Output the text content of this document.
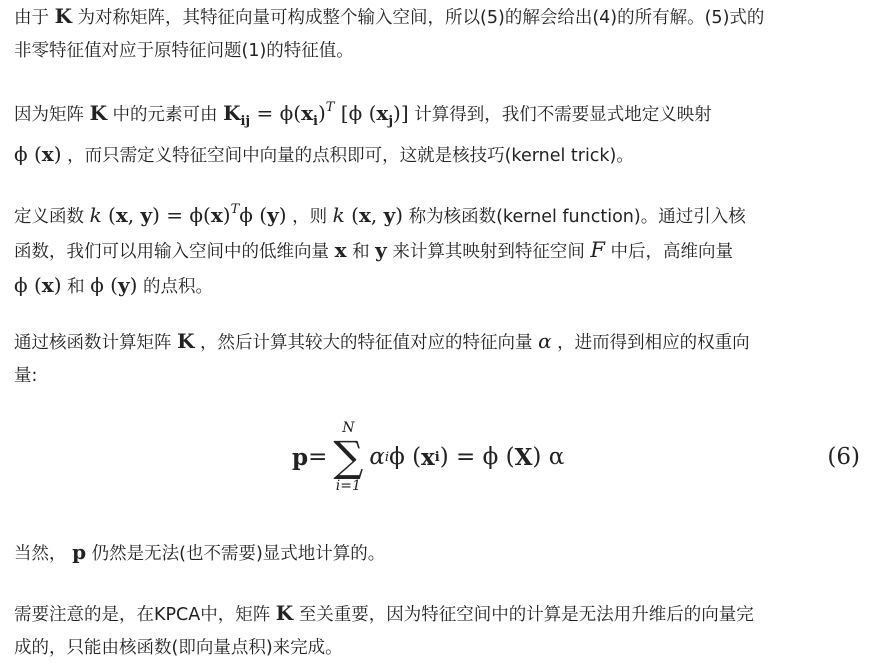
由于 K 为对称矩阵，其特征向量可构成整个输入空间，所以(5)的解会给出(4)的所有解。(5)式的
非零特征值对应于原特征问题(1)的特征值。

因为矩阵 K 中的元素可由 $K_{ij} = \phi(x_i)^T$ [ϕ $(x_j)$] 计算得到，我们不需要显式地定义映射
ϕ (x) ，而只需定义特征空间中向量的点积即可，这就是核技巧(kernel trick)。

定义函数 k (x, $y) = \phi(x)^T\phi$ (y) ，则 k (x, y) 称为核函数(kernel function)。通过引入核
函数，我们可以用输入空间中的低维向量 x 和 y 来计算其映射到特征空间 F 中后，高维向量
ϕ (x) 和 ϕ (y) 的点积。

通过核函数计算矩阵 K ，然后计算其较大的特征值对应的特征向量 α ，进而得到相应的权重向
量:

p =
N
∑
i=1
α i ϕ ( x i ) = ϕ ( X ) α	(6)

当然， p 仍然是无法(也不需要)显式地计算的。

需要注意的是，在KPCA中，矩阵 K 至关重要，因为特征空间中的计算是无法用升维后的向量完
成的，只能由核函数(即向量点积)来完成。
